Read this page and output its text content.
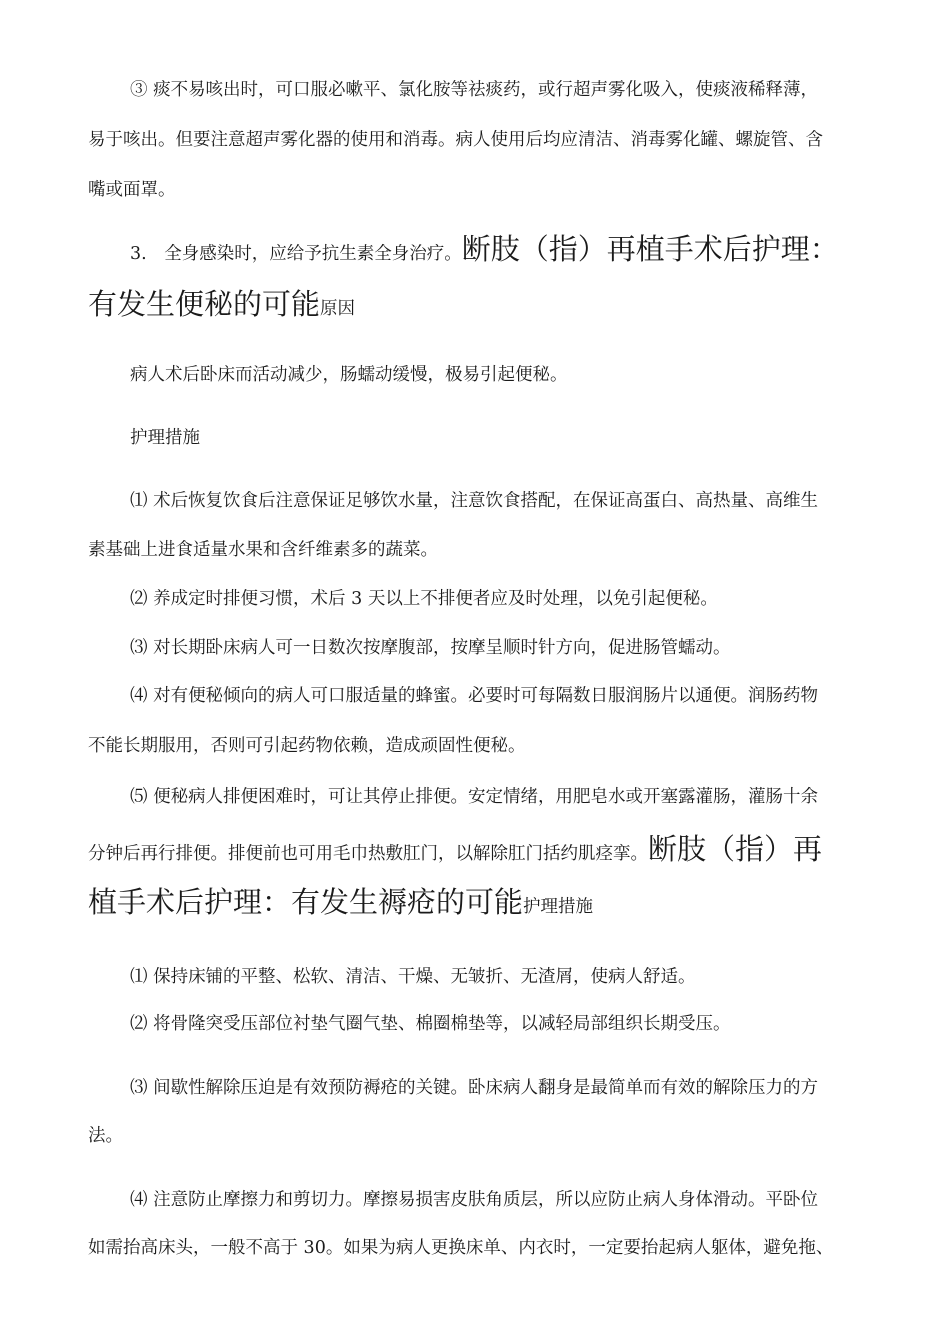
③ 痰不易咳出时，可口服必嗽平、氯化胺等祛痰药，或行超声雾化吸入，使痰液稀释薄，

易于咳出。但要注意超声雾化器的使用和消毒。病人使用后均应清洁、消毒雾化罐、螺旋管、含

嘴或面罩。

3.　全身感染时，应给予抗生素全身治疗。断肢（指）再植手术后护理：

有发生便秘的可能原因

病人术后卧床而活动减少，肠蠕动缓慢，极易引起便秘。

护理措施

⑴ 术后恢复饮食后注意保证足够饮水量，注意饮食搭配，在保证高蛋白、高热量、高维生

素基础上进食适量水果和含纤维素多的蔬菜。

⑵ 养成定时排便习惯，术后 3 天以上不排便者应及时处理，以免引起便秘。

⑶ 对长期卧床病人可一日数次按摩腹部，按摩呈顺时针方向，促进肠管蠕动。

⑷ 对有便秘倾向的病人可口服适量的蜂蜜。必要时可每隔数日服润肠片以通便。润肠药物

不能长期服用，否则可引起药物依赖，造成顽固性便秘。

⑸ 便秘病人排便困难时，可让其停止排便。安定情绪，用肥皂水或开塞露灌肠，灌肠十余

分钟后再行排便。排便前也可用毛巾热敷肛门，以解除肛门括约肌痉挛。断肢（指）再

植手术后护理：有发生褥疮的可能护理措施

⑴ 保持床铺的平整、松软、清洁、干燥、无皱折、无渣屑，使病人舒适。

⑵ 将骨隆突受压部位衬垫气圈气垫、棉圈棉垫等，以减轻局部组织长期受压。

⑶ 间歇性解除压迫是有效预防褥疮的关键。卧床病人翻身是最简单而有效的解除压力的方

法。

⑷ 注意防止摩擦力和剪切力。摩擦易损害皮肤角质层，所以应防止病人身体滑动。平卧位

如需抬高床头，一般不高于 30。如果为病人更换床单、内衣时，一定要抬起病人躯体，避免拖、
